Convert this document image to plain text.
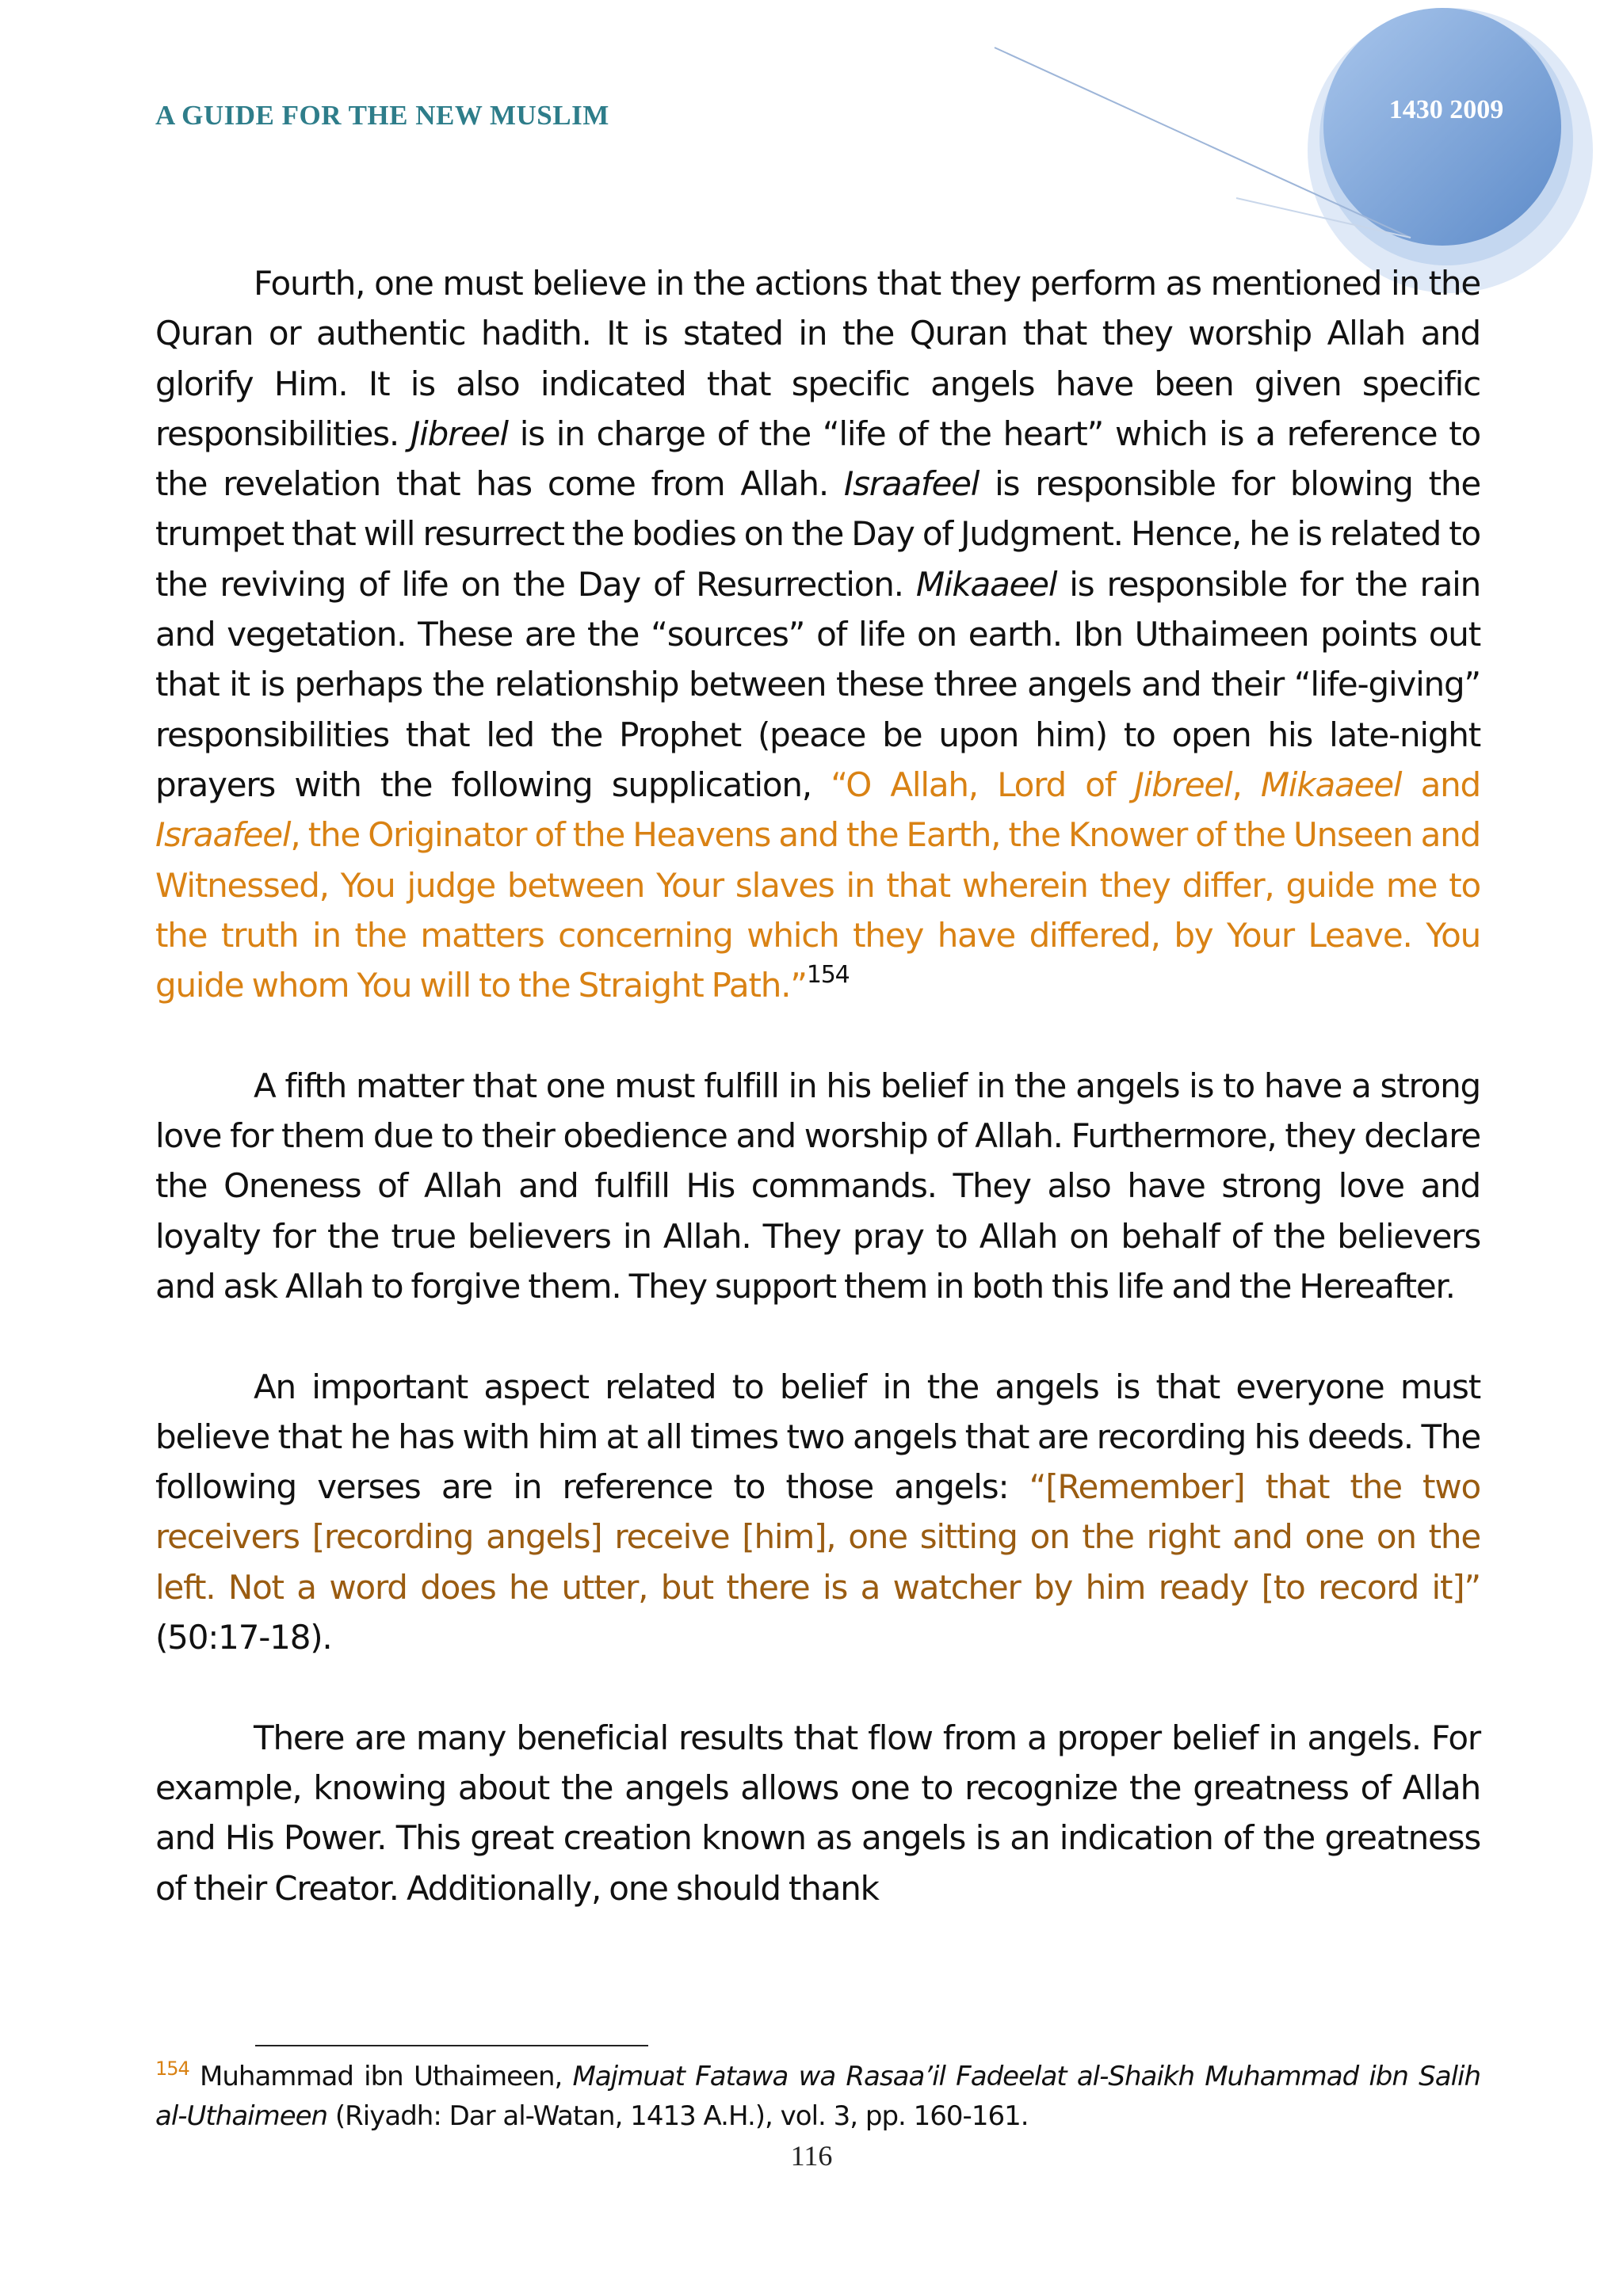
A GUIDE FOR THE NEW MUSLIM	1430 2009

Fourth, one must believe in the actions that they perform as mentioned in the Quran or authentic hadith. It is stated in the Quran that they worship Allah and glorify Him. It is also indicated that specific angels have been given specific responsibilities. Jibreel is in charge of the “life of the heart” which is a reference to the revelation that has come from Allah. Israafeel is responsible for blowing the trumpet that will resurrect the bodies on the Day of Judgment. Hence, he is related to the reviving of life on the Day of Resurrection. Mikaaeel is responsible for the rain and vegetation. These are the “sources” of life on earth. Ibn Uthaimeen points out that it is perhaps the relationship between these three angels and their “life-giving” responsibilities that led the Prophet (peace be upon him) to open his late-night prayers with the following supplication, “O Allah, Lord of Jibreel, Mikaaeel and Israafeel, the Originator of the Heavens and the Earth, the Knower of the Unseen and Witnessed, You judge between Your slaves in that wherein they differ, guide me to the truth in the matters concerning which they have differed, by Your Leave. You guide whom You will to the Straight Path.”$^{154}$

A fifth matter that one must fulfill in his belief in the angels is to have a strong love for them due to their obedience and worship of Allah. Furthermore, they declare the Oneness of Allah and fulfill His commands. They also have strong love and loyalty for the true believers in Allah. They pray to Allah on behalf of the believers and ask Allah to forgive them. They support them in both this life and the Hereafter.

An important aspect related to belief in the angels is that everyone must believe that he has with him at all times two angels that are recording his deeds. The following verses are in reference to those angels: “[Remember] that the two receivers [recording angels] receive [him], one sitting on the right and one on the left. Not a word does he utter, but there is a watcher by him ready [to record it]” (50:17-18).

There are many beneficial results that flow from a proper belief in angels. For example, knowing about the angels allows one to recognize the greatness of Allah and His Power. This great creation known as angels is an indication of the greatness of their Creator. Additionally, one should thank

$^{154}$ Muhammad ibn Uthaimeen, Majmuat Fatawa wa Rasaa’il Fadeelat al-Shaikh Muhammad ibn Salih al-Uthaimeen (Riyadh: Dar al-Watan, 1413 A.H.), vol. 3, pp. 160-161.
116
